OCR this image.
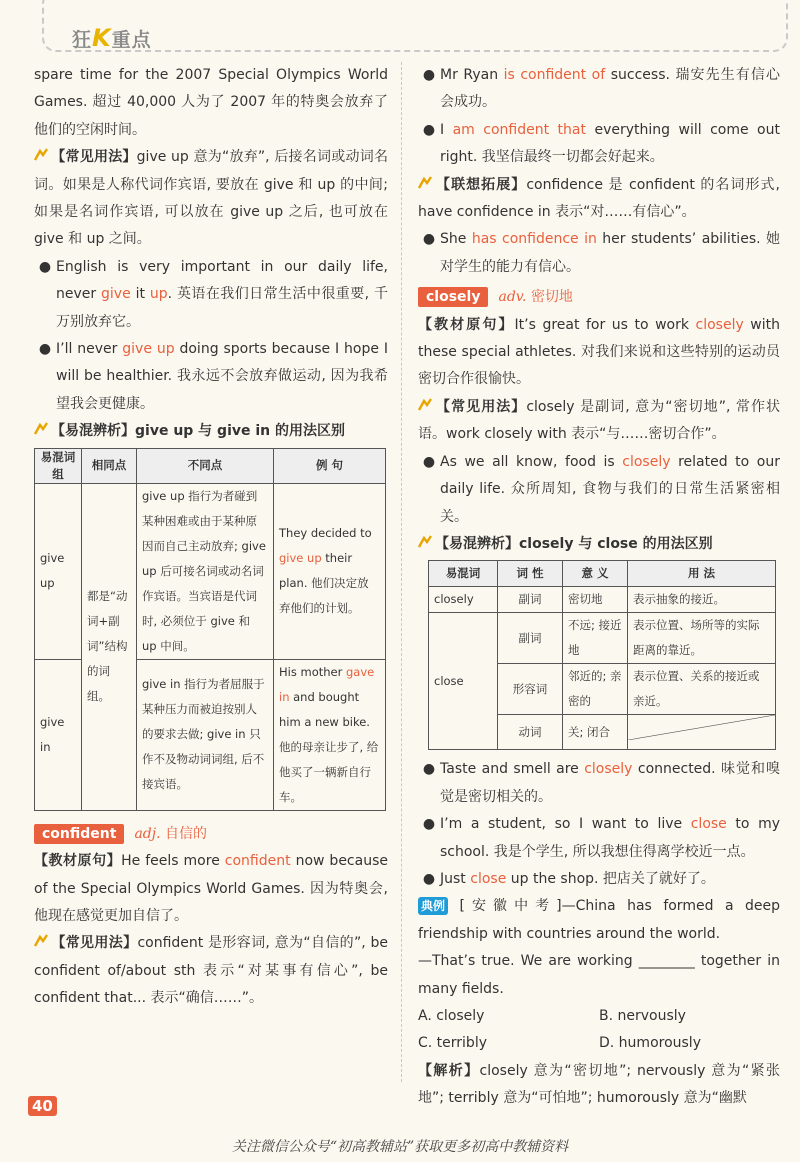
狂K重点

spare time for the 2007 Special Olympics World Games. 超过 40,000 人为了 2007 年的特奥会放弃了他们的空闲时间。

【常见用法】give up 意为“放弃”, 后接名词或动词名词。如果是人称代词作宾语, 要放在 give 和 up 的中间; 如果是名词作宾语, 可以放在 give up 之后, 也可放在 give 和 up 之间。

● English is very important in our daily life, never give it up. 英语在我们日常生活中很重要, 千万别放弃它。

● I’ll never give up doing sports because I hope I will be healthier. 我永远不会放弃做运动, 因为我希望我会更健康。

【易混辨析】give up 与 give in 的用法区别

易混词组	相同点	不同点	例 句
give up	都是“动词+副词”结构的词组。	give up 指行为者碰到某种困难或由于某种原因而自己主动放弃; give up 后可接名词或动名词作宾语。当宾语是代词时, 必须位于 give 和 up 中间。	They decided to give up their plan. 他们决定放弃他们的计划。
give in		give in 指行为者屈服于某种压力而被迫按别人的要求去做; give in 只作不及物动词词组, 后不接宾语。	His mother gave in and bought him a new bike. 他的母亲让步了, 给他买了一辆新自行车。

confident adj. 自信的

【教材原句】He feels more confident now because of the Special Olympics World Games. 因为特奥会, 他现在感觉更加自信了。

【常见用法】confident 是形容词, 意为“自信的”, be confident of/about sth 表示“对某事有信心”, be confident that... 表示“确信……”。

● Mr Ryan is confident of success. 瑞安先生有信心会成功。

● I am confident that everything will come out right. 我坚信最终一切都会好起来。

【联想拓展】confidence 是 confident 的名词形式, have confidence in 表示“对……有信心”。

● She has confidence in her students’ abilities. 她对学生的能力有信心。

closely adv. 密切地

【教材原句】It’s great for us to work closely with these special athletes. 对我们来说和这些特别的运动员密切合作很愉快。

【常见用法】closely 是副词, 意为“密切地”, 常作状语。work closely with 表示“与……密切合作”。

● As we all know, food is closely related to our daily life. 众所周知, 食物与我们的日常生活紧密相关。

【易混辨析】closely 与 close 的用法区别

易混词	词 性	意 义	用 法
closely	副词	密切地	表示抽象的接近。
close	副词	不远; 接近地	表示位置、场所等的实际距离的靠近。
	形容词	邻近的; 亲密的	表示位置、关系的接近或亲近。
	动词	关; 闭合	

● Taste and smell are closely connected. 味觉和嗅觉是密切相关的。

● I’m a student, so I want to live close to my school. 我是个学生, 所以我想住得离学校近一点。

● Just close up the shop. 把店关了就好了。

典例 [安徽中考]—China has formed a deep friendship with countries around the world.

—That’s true. We are working ________ together in many fields.

A. closely	B. nervously
C. terribly	D. humorously

【解析】closely 意为“密切地”; nervously 意为“紧张地”; terribly 意为“可怕地”; humorously 意为“幽默

40
关注微信公众号“初高教辅站”获取更多初高中教辅资料
